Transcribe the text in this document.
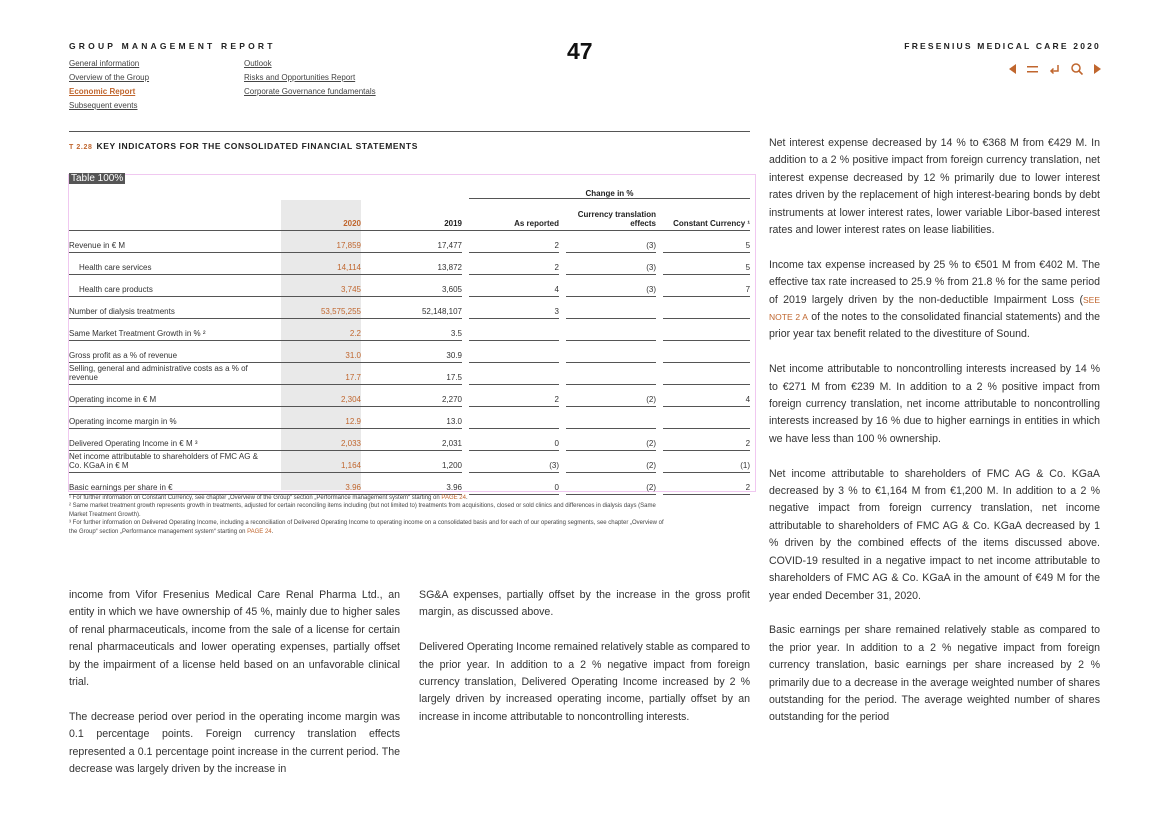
GROUP MANAGEMENT REPORT	47	FRESENIUS MEDICAL CARE 2020
General information
Overview of the Group
Economic Report
Subsequent events
Outlook
Risks and Opportunities Report
Corporate Governance fundamentals
T 2.28 KEY INDICATORS FOR THE CONSOLIDATED FINANCIAL STATEMENTS
Table 100%
				Change in %				
	2020	2019		As reported		Currency translation effects		Constant Currency ¹
Revenue in € M	17,859	17,477		2		(3)		5
Health care services	14,114	13,872		2		(3)		5
Health care products	3,745	3,605		4		(3)		7
Number of dialysis treatments	53,575,255	52,148,107		3				
Same Market Treatment Growth in % ²	2.2	3.5						
Gross profit as a % of revenue	31.0	30.9						
Selling, general and administrative costs as a % of revenue	17.7	17.5						
Operating income in € M	2,304	2,270		2		(2)		4
Operating income margin in %	12.9	13.0						
Delivered Operating Income in € M ³	2,033	2,031		0		(2)		2
Net income attributable to shareholders of FMC AG & Co. KGaA in € M	1,164	1,200		(3)		(2)		(1)
Basic earnings per share in €	3.96	3.96		0		(2)		2

¹ For further information on Constant Currency, see chapter „Overview of the Group“ section „Performance management system“ starting on PAGE 24.

² Same market treatment growth represents growth in treatments, adjusted for certain reconciling items including (but not limited to) treatments from acquisitions, closed or sold clinics and differences in dialysis days (Same Market Treatment Growth).

³ For further information on Delivered Operating Income, including a reconciliation of Delivered Operating Income to operating income on a consolidated basis and for each of our operating segments, see chapter „Overview of the Group“ section „Performance management system“ starting on PAGE 24.

income from Vifor Fresenius Medical Care Renal Pharma Ltd., an entity in which we have ownership of 45 %, mainly due to higher sales of renal pharmaceuticals, income from the sale of a license for certain renal pharmaceuticals and lower operating expenses, partially offset by the impairment of a license held based on an unfavorable clinical trial.

The decrease period over period in the operating income margin was 0.1 percentage points. Foreign currency translation effects represented a 0.1 percentage point increase in the current period. The decrease was largely driven by the increase in

SG&A expenses, partially offset by the increase in the gross profit margin, as discussed above.

Delivered Operating Income remained relatively stable as compared to the prior year. In addition to a 2 % negative impact from foreign currency translation, Delivered Operating Income increased by 2 % largely driven by increased operating income, partially offset by an increase in income attributable to noncontrolling interests.

Net interest expense decreased by 14 % to €368 M from €429 M. In addition to a 2 % positive impact from foreign currency translation, net interest expense decreased by 12 % primarily due to lower interest rates driven by the replacement of high interest-bearing bonds by debt instruments at lower interest rates, lower variable Libor-based interest rates and lower interest rates on lease liabilities.

Income tax expense increased by 25 % to €501 M from €402 M. The effective tax rate increased to 25.9 % from 21.8 % for the same period of 2019 largely driven by the non-deductible Impairment Loss (SEE NOTE 2 A of the notes to the consolidated financial statements) and the prior year tax benefit related to the divestiture of Sound.

Net income attributable to noncontrolling interests increased by 14 % to €271 M from €239 M. In addition to a 2 % positive impact from foreign currency translation, net income attributable to noncontrolling interests increased by 16 % due to higher earnings in entities in which we have less than 100 % ownership.

Net income attributable to shareholders of FMC AG & Co. KGaA decreased by 3 % to €1,164 M from €1,200 M. In addition to a 2 % negative impact from foreign currency translation, net income attributable to shareholders of FMC AG & Co. KGaA decreased by 1 % driven by the combined effects of the items discussed above. COVID-19 resulted in a negative impact to net income attributable to shareholders of FMC AG & Co. KGaA in the amount of €49 M for the year ended December 31, 2020.

Basic earnings per share remained relatively stable as compared to the prior year. In addition to a 2 % negative impact from foreign currency translation, basic earnings per share increased by 2 % primarily due to a decrease in the average weighted number of shares outstanding for the period. The average weighted number of shares outstanding for the period
